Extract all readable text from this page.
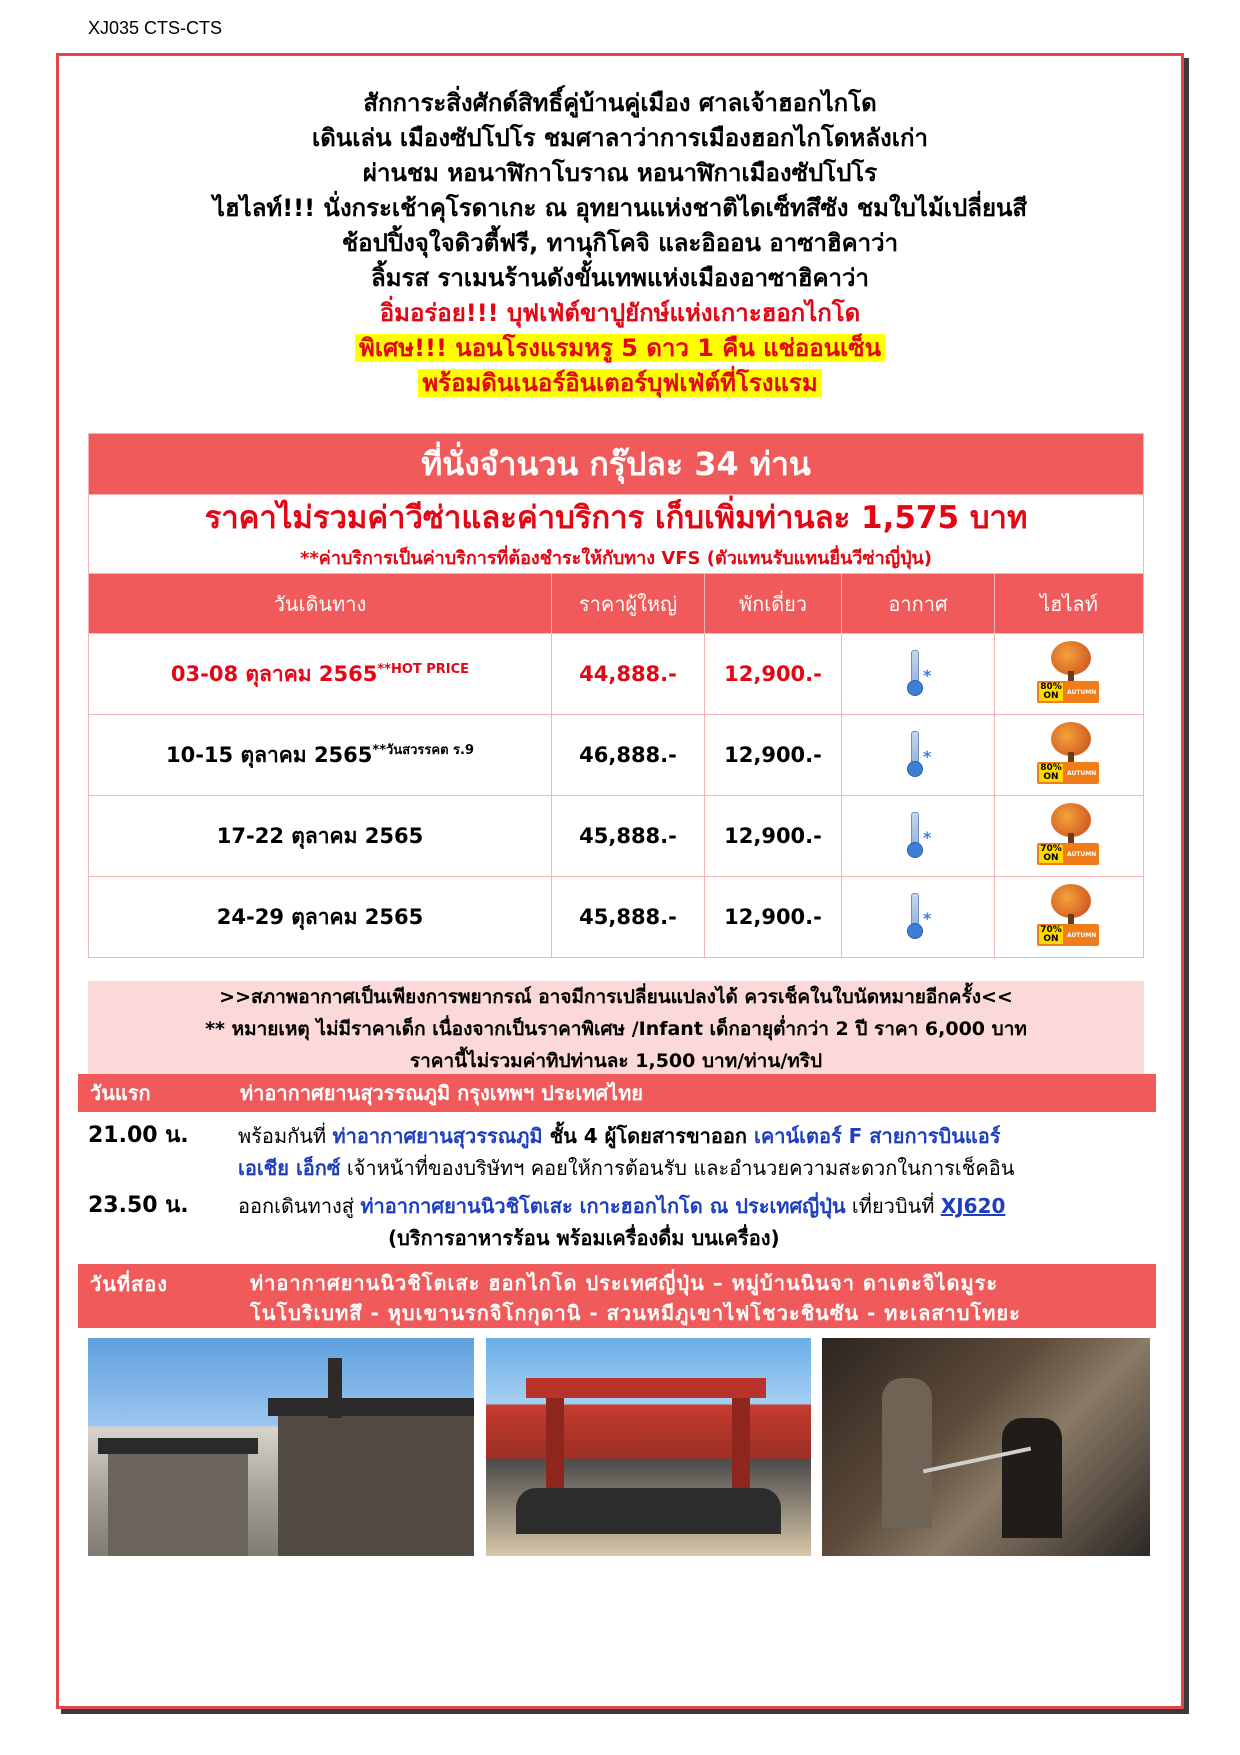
XJ035 CTS-CTS
สักการะสิ่งศักด์สิทธิ์คู่บ้านคู่เมือง ศาลเจ้าฮอกไกโด
เดินเล่น เมืองซัปโปโร ชมศาลาว่าการเมืองฮอกไกโดหลังเก่า
ผ่านชม หอนาฬิกาโบราณ หอนาฬิกาเมืองซัปโปโร
ไฮไลท์!!! นั่งกระเช้าคุโรดาเกะ ณ อุทยานแห่งชาติไดเซ็ทสึซัง ชมใบไม้เปลี่ยนสี
ช้อปปิ้งจุใจดิวตี้ฟรี, ทานุกิโคจิ และอิออน อาซาฮิคาว่า
ลิ้มรส ราเมนร้านดังขั้นเทพแห่งเมืองอาซาฮิคาว่า
อิ่มอร่อย!!! บุฟเฟ่ต์ขาปูยักษ์แห่งเกาะฮอกไกโด
พิเศษ!!! นอนโรงแรมหรู 5 ดาว 1 คืน แช่ออนเซ็น
พร้อมดินเนอร์อินเตอร์บุฟเฟ่ต์ที่โรงแรม
ที่นั่งจำนวน กรุ๊ปละ 34 ท่าน				
ราคาไม่รวมค่าวีซ่าและค่าบริการ เก็บเพิ่มท่านละ 1,575 บาท				
**ค่าบริการเป็นค่าบริการที่ต้องชำระให้กับทาง VFS (ตัวแทนรับแทนยื่นวีซ่าญี่ปุ่น)				
วันเดินทาง	ราคาผู้ใหญ่	พักเดี่ยว	อากาศ	ไฮไลท์
03-08 ตุลาคม $2565^{**HOT PRICE}$	44,888.-	12,900.-	*	80% ON AUTUMN

10-15 ตุลาคม $2565^{**วันสวรรคต ร.9}$	46,888.-	12,900.-	*	80% ON AUTUMN

17-22 ตุลาคม 2565	45,888.-	12,900.-	*	70% ON AUTUMN

24-29 ตุลาคม 2565	45,888.-	12,900.-	*	70% ON AUTUMN
>>สภาพอากาศเป็นเพียงการพยากรณ์ อาจมีการเปลี่ยนแปลงได้ ควรเช็คในใบนัดหมายอีกครั้ง<<
** หมายเหตุ ไม่มีราคาเด็ก เนื่องจากเป็นราคาพิเศษ /Infant เด็กอายุต่ำกว่า 2 ปี ราคา 6,000 บาท
ราคานี้ไม่รวมค่าทิปท่านละ 1,500 บาท/ท่าน/ทริป
วันแรก	ท่าอากาศยานสุวรรณภูมิ กรุงเทพฯ ประเทศไทย
21.00 น. พร้อมกันที่ ท่าอากาศยานสุวรรณภูมิ ชั้น 4 ผู้โดยสารขาออก เคาน์เตอร์ F สายการบินแอร์
เอเชีย เอ็กซ์ เจ้าหน้าที่ของบริษัทฯ คอยให้การต้อนรับ และอำนวยความสะดวกในการเช็คอิน
23.50 น. ออกเดินทางสู่ ท่าอากาศยานนิวชิโตเสะ เกาะฮอกไกโด ณ ประเทศญี่ปุ่น เที่ยวบินที่ XJ620
(บริการอาหารร้อน พร้อมเครื่องดื่ม บนเครื่อง)
วันที่สอง	ท่าอากาศยานนิวชิโตเสะ ฮอกไกโด ประเทศญี่ปุ่น – หมู่บ้านนินจา ดาเตะจิไดมูระ
โนโบริเบทสึ - หุบเขานรกจิโกกุดานิ - สวนหมีภูเขาไฟโชวะชินซัน - ทะเลสาบโทยะ
